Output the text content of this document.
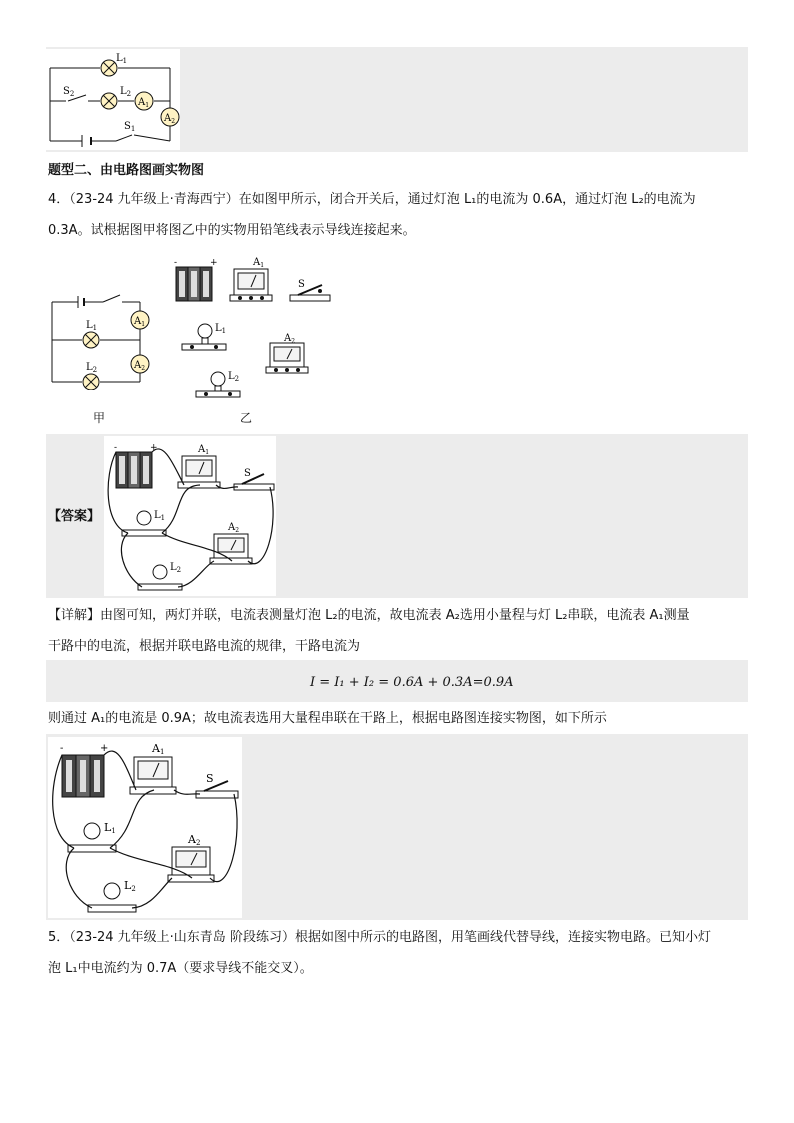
$L_1$
$L_2$
$S_2$
$S_1$
$A_1$
$A_2$
题型二、由电路图画实物图
4．（23-24 九年级上·青海西宁）在如图甲所示，闭合开关后，通过灯泡 L₁的电流为 0.6A，通过灯泡 L₂的电流为
0.3A。试根据图甲将图乙中的实物用铅笔线表示导线连接起来。
$L_1$
$L_2$
$A_1$
$A_2$
甲
-	+	$A_1$
S
$L_1$
$A_2$
$L_2$
乙
【答案】
-	+	$A_1$
S
$L_1$
$A_2$
$L_2$
【详解】由图可知，两灯并联，电流表测量灯泡 L₂的电流，故电流表 A₂选用小量程与灯 L₂串联，电流表 A₁测量
干路中的电流，根据并联电路电流的规律，干路电流为
I = I₁ + I₂ = 0.6A + 0.3A=0.9A
则通过 A₁的电流是 0.9A；故电流表选用大量程串联在干路上，根据电路图连接实物图，如下所示
-	+	A1
S
L1
A2
L2
5．（23-24 九年级上·山东青岛 阶段练习）根据如图中所示的电路图，用笔画线代替导线，连接实物电路。已知小灯
泡 L₁中电流约为 0.7A（要求导线不能交叉）。
